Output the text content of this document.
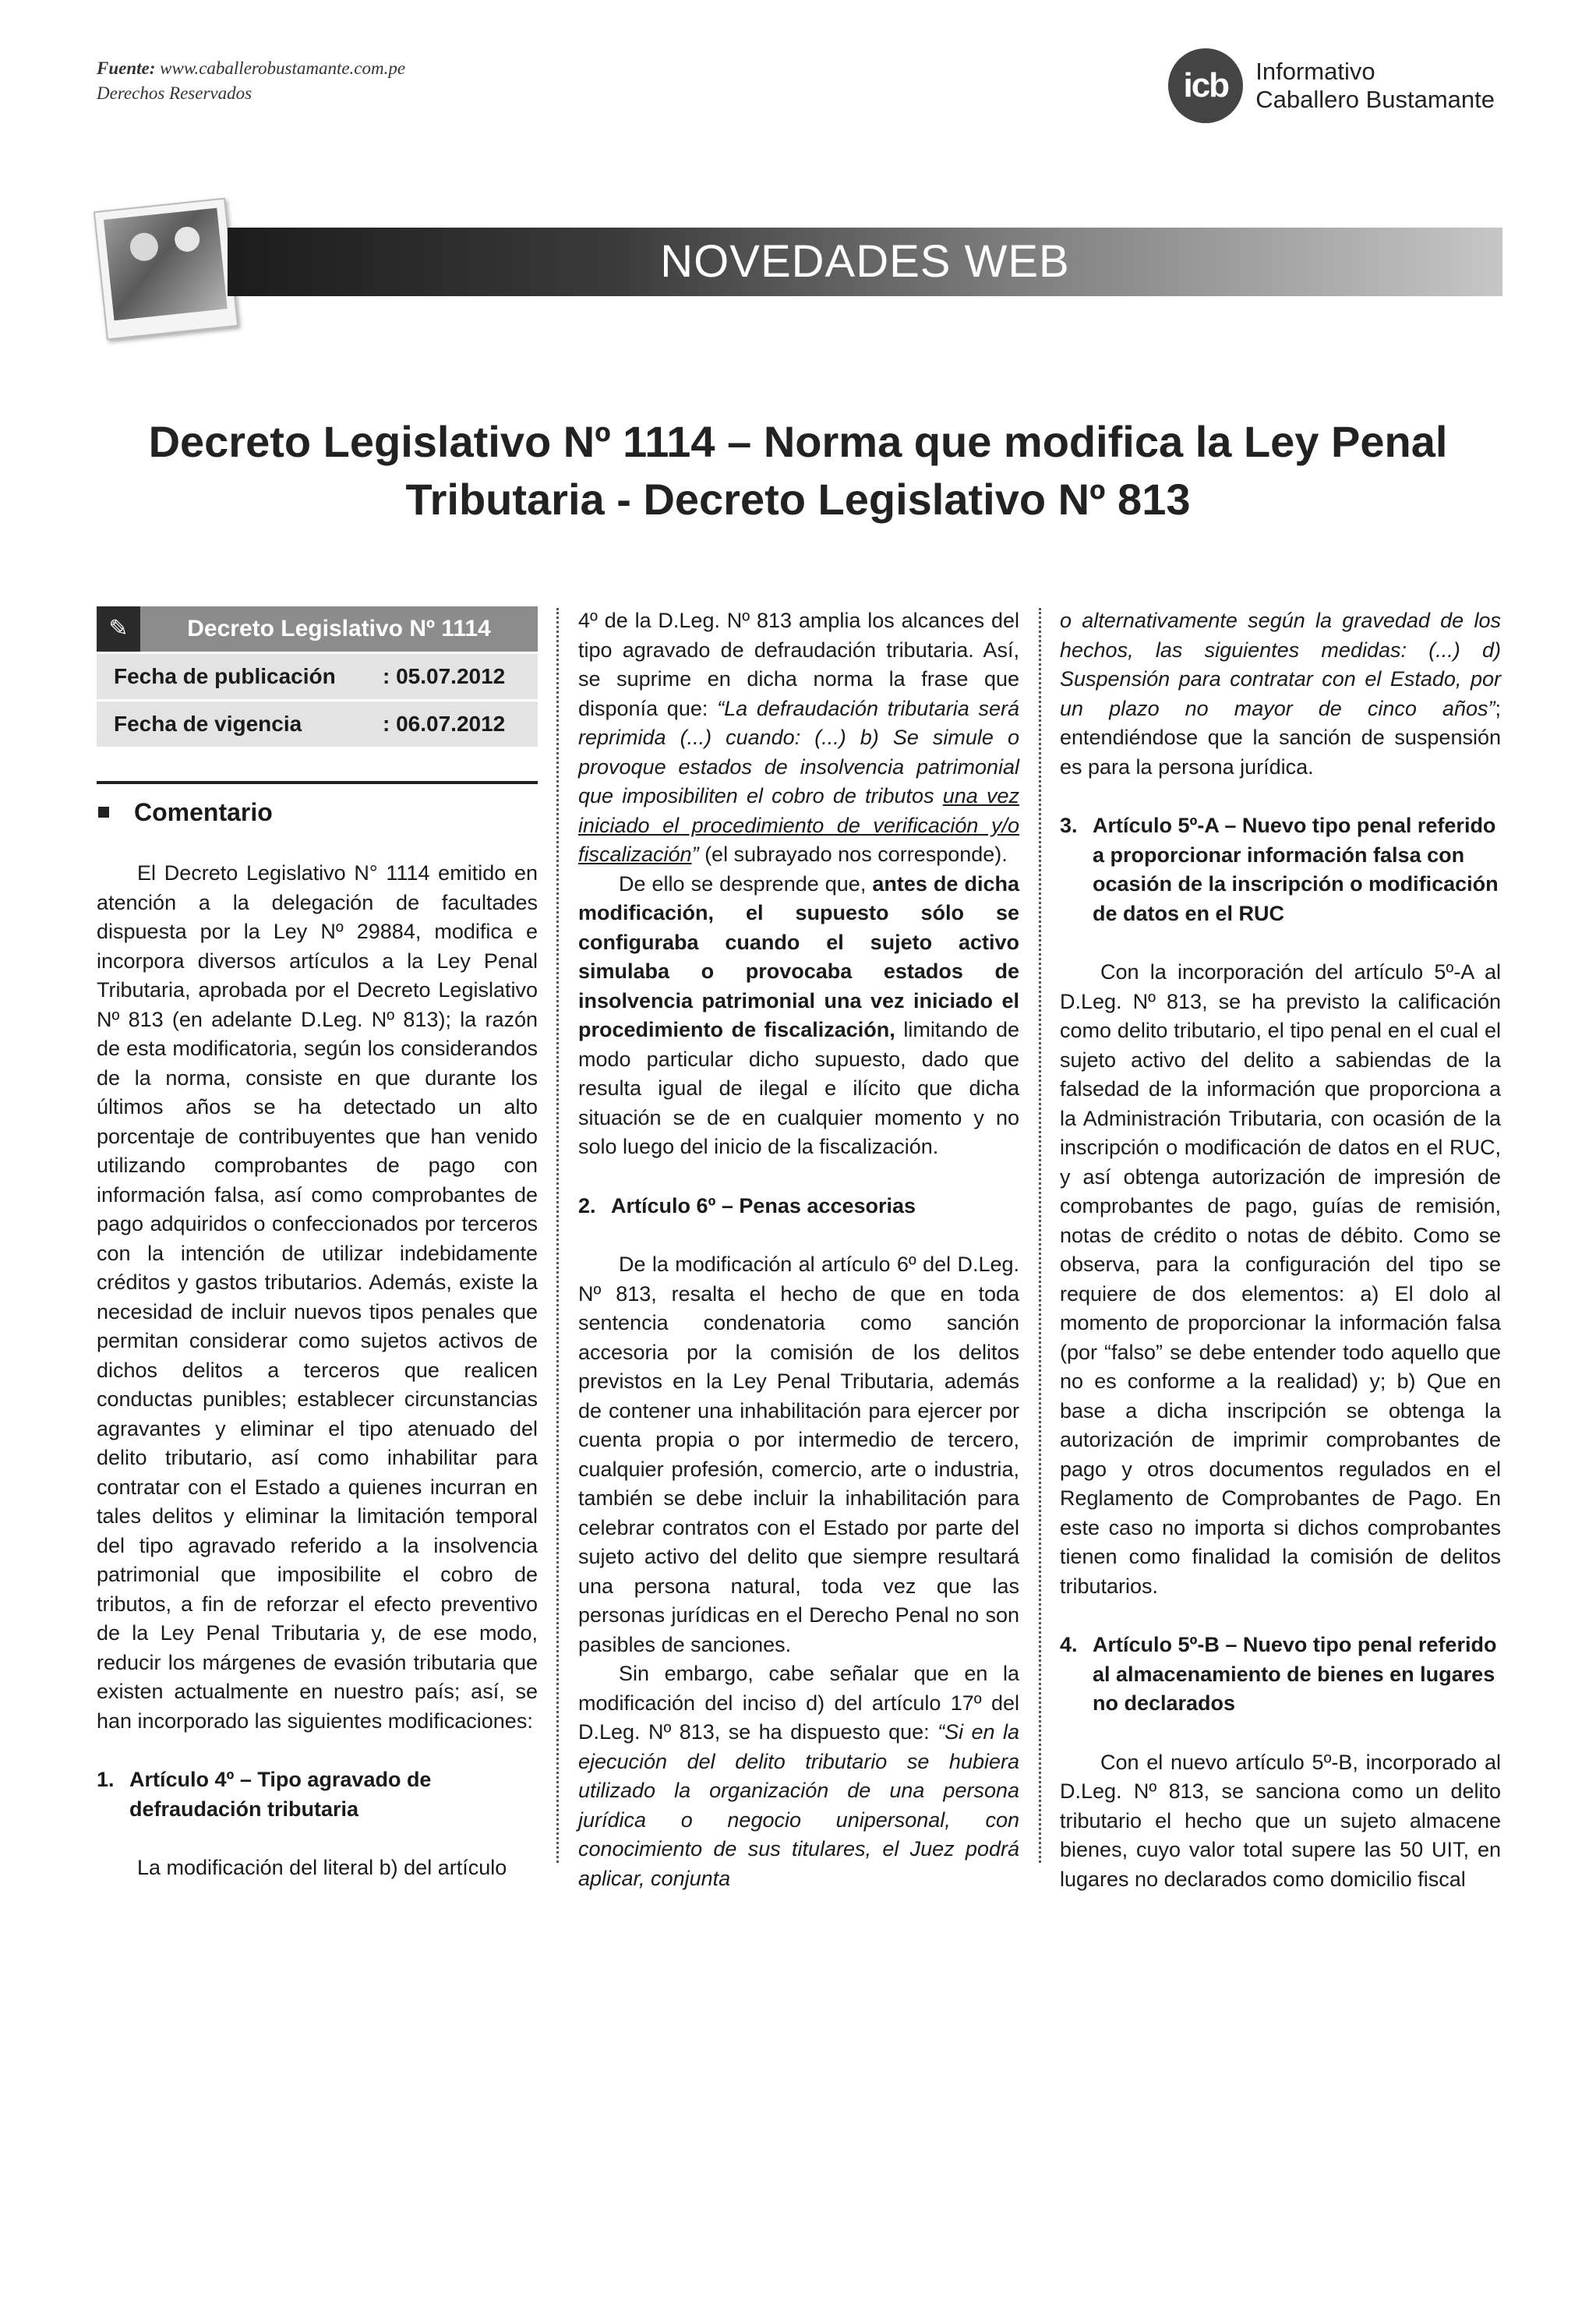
Fuente: www.caballerobustamante.com.pe
Derechos Reservados	icb	Informativo
Caballero Bustamante
NOVEDADES WEB
Decreto Legislativo Nº 1114 – Norma que modifica la Ley Penal
Tributaria - Decreto Legislativo Nº 813
✎	Decreto Legislativo Nº 1114
Fecha de publicación	: 05.07.2012
Fecha de vigencia	: 06.07.2012
Comentario

El Decreto Legislativo N° 1114 emitido en atención a la delegación de facultades dispuesta por la Ley Nº 29884, modifica e incorpora diversos artículos a la Ley Penal Tributaria, aprobada por el Decreto Legislativo Nº 813 (en adelante D.Leg. Nº 813); la razón de esta modificatoria, según los considerandos de la norma, consiste en que durante los últimos años se ha detectado un alto porcentaje de contribuyentes que han venido utilizando comprobantes de pago con información falsa, así como comprobantes de pago adquiridos o confeccionados por terceros con la intención de utilizar indebidamente créditos y gastos tributarios. Además, existe la necesidad de incluir nuevos tipos penales que permitan considerar como sujetos activos de dichos delitos a terceros que realicen conductas punibles; establecer circunstancias agravantes y eliminar el tipo atenuado del delito tributario, así como inhabilitar para contratar con el Estado a quienes incurran en tales delitos y eliminar la limitación temporal del tipo agravado referido a la insolvencia patrimonial que imposibilite el cobro de tributos, a fin de reforzar el efecto preventivo de la Ley Penal Tributaria y, de ese modo, reducir los márgenes de evasión tributaria que existen actualmente en nuestro país; así, se han incorporado las siguientes modificaciones:

1. Artículo 4º – Tipo agravado de defraudación tributaria

La modificación del literal b) del artículo

4º de la D.Leg. Nº 813 amplia los alcances del tipo agravado de defraudación tributaria. Así, se suprime en dicha norma la frase que disponía que: “La defraudación tributaria será reprimida (...) cuando: (...) b) Se simule o provoque estados de insolvencia patrimonial que imposibiliten el cobro de tributos una vez iniciado el procedimiento de verificación y/o fiscalización” (el subrayado nos corresponde).

De ello se desprende que, antes de dicha modificación, el supuesto sólo se configuraba cuando el sujeto activo simulaba o provocaba estados de insolvencia patrimonial una vez iniciado el procedimiento de fiscalización, limitando de modo particular dicho supuesto, dado que resulta igual de ilegal e ilícito que dicha situación se de en cualquier momento y no solo luego del inicio de la fiscalización.

2. Artículo 6º – Penas accesorias

De la modificación al artículo 6º del D.Leg. Nº 813, resalta el hecho de que en toda sentencia condenatoria como sanción accesoria por la comisión de los delitos previstos en la Ley Penal Tributaria, además de contener una inhabilitación para ejercer por cuenta propia o por intermedio de tercero, cualquier profesión, comercio, arte o industria, también se debe incluir la inhabilitación para celebrar contratos con el Estado por parte del sujeto activo del delito que siempre resultará una persona natural, toda vez que las personas jurídicas en el Derecho Penal no son pasibles de sanciones.

Sin embargo, cabe señalar que en la modificación del inciso d) del artículo 17º del D.Leg. Nº 813, se ha dispuesto que: “Si en la ejecución del delito tributario se hubiera utilizado la organización de una persona jurídica o negocio unipersonal, con conocimiento de sus titulares, el Juez podrá aplicar, conjunta

o alternativamente según la gravedad de los hechos, las siguientes medidas: (...) d) Suspensión para contratar con el Estado, por un plazo no mayor de cinco años”; entendiéndose que la sanción de suspensión es para la persona jurídica.

3. Artículo 5º-A – Nuevo tipo penal referido a proporcionar información falsa con ocasión de la inscripción o modificación de datos en el RUC

Con la incorporación del artículo 5º-A al D.Leg. Nº 813, se ha previsto la calificación como delito tributario, el tipo penal en el cual el sujeto activo del delito a sabiendas de la falsedad de la información que proporciona a la Administración Tributaria, con ocasión de la inscripción o modificación de datos en el RUC, y así obtenga autorización de impresión de comprobantes de pago, guías de remisión, notas de crédito o notas de débito. Como se observa, para la configuración del tipo se requiere de dos elementos: a) El dolo al momento de proporcionar la información falsa (por “falso” se debe entender todo aquello que no es conforme a la realidad) y; b) Que en base a dicha inscripción se obtenga la autorización de imprimir comprobantes de pago y otros documentos regulados en el Reglamento de Comprobantes de Pago. En este caso no importa si dichos comprobantes tienen como finalidad la comisión de delitos tributarios.

4. Artículo 5º-B – Nuevo tipo penal referido al almacenamiento de bienes en lugares no declarados

Con el nuevo artículo 5º-B, incorporado al D.Leg. Nº 813, se sanciona como un delito tributario el hecho que un sujeto almacene bienes, cuyo valor total supere las 50 UIT, en lugares no declarados como domicilio fiscal
